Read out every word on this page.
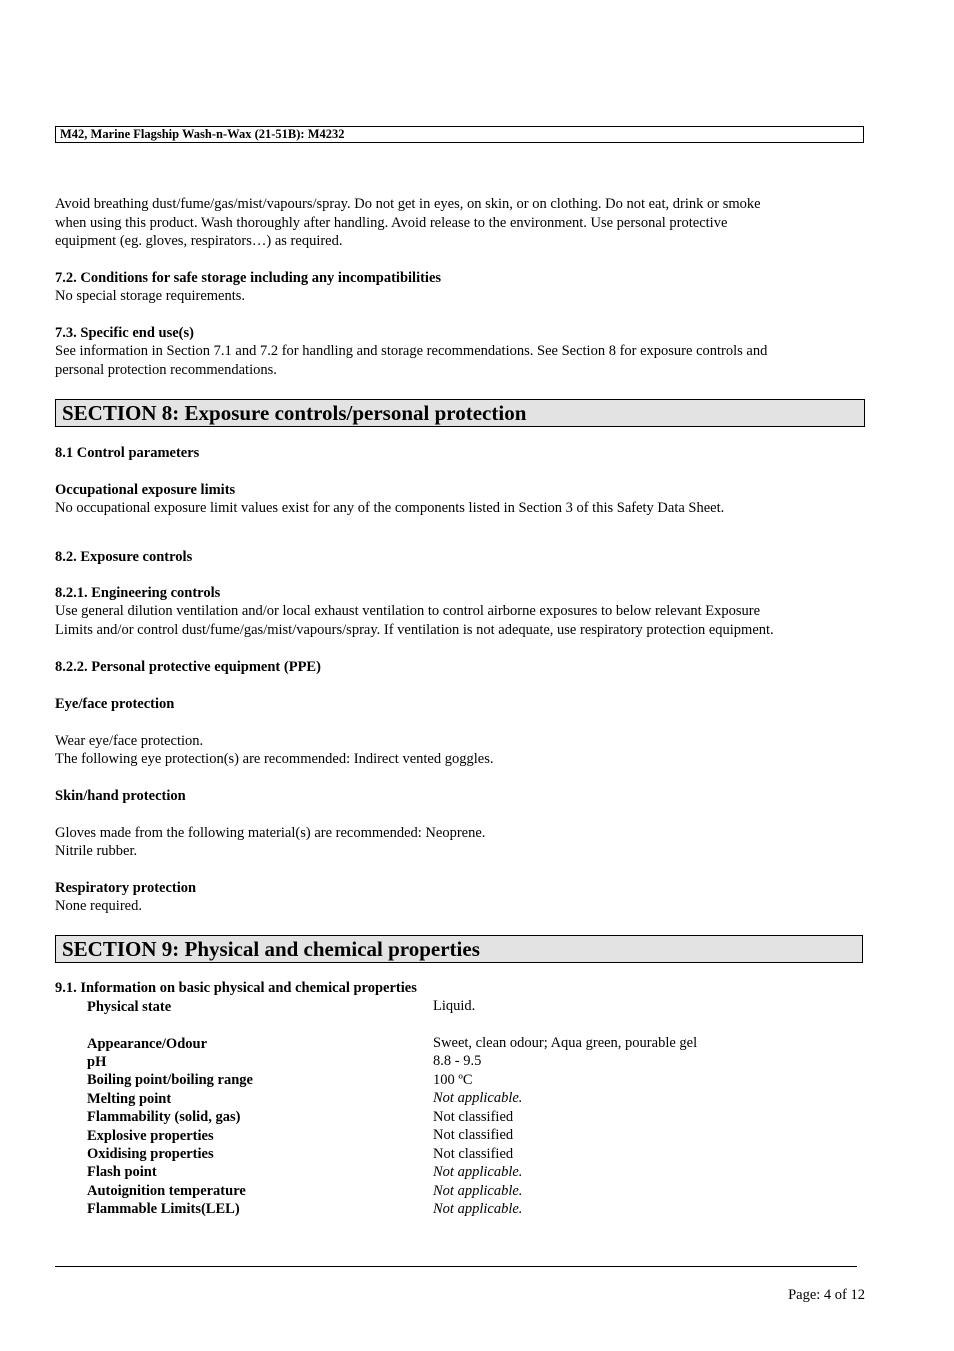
M42, Marine Flagship Wash-n-Wax (21-51B): M4232
Avoid breathing dust/fume/gas/mist/vapours/spray. Do not get in eyes, on skin, or on clothing. Do not eat, drink or smoke
when using this product. Wash thoroughly after handling. Avoid release to the environment. Use personal protective
equipment (eg. gloves, respirators…) as required.
7.2. Conditions for safe storage including any incompatibilities
No special storage requirements.
7.3. Specific end use(s)
See information in Section 7.1 and 7.2 for handling and storage recommendations. See Section 8 for exposure controls and
personal protection recommendations.
SECTION 8: Exposure controls/personal protection
8.1 Control parameters
Occupational exposure limits
No occupational exposure limit values exist for any of the components listed in Section 3 of this Safety Data Sheet.
8.2. Exposure controls
8.2.1. Engineering controls
Use general dilution ventilation and/or local exhaust ventilation to control airborne exposures to below relevant Exposure
Limits and/or control dust/fume/gas/mist/vapours/spray. If ventilation is not adequate, use respiratory protection equipment.
8.2.2. Personal protective equipment (PPE)
Eye/face protection
Wear eye/face protection.
The following eye protection(s) are recommended: Indirect vented goggles.
Skin/hand protection
Gloves made from the following material(s) are recommended: Neoprene.
Nitrile rubber.
Respiratory protection
None required.
SECTION 9: Physical and chemical properties
9.1. Information on basic physical and chemical properties
Physical state	Liquid.
Appearance/Odour	Sweet, clean odour; Aqua green, pourable gel
pH	8.8 - 9.5
Boiling point/boiling range	100 ºC
Melting point	Not applicable.
Flammability (solid, gas)	Not classified
Explosive properties	Not classified
Oxidising properties	Not classified
Flash point	Not applicable.
Autoignition temperature	Not applicable.
Flammable Limits(LEL)	Not applicable.
Page: 4 of 12
